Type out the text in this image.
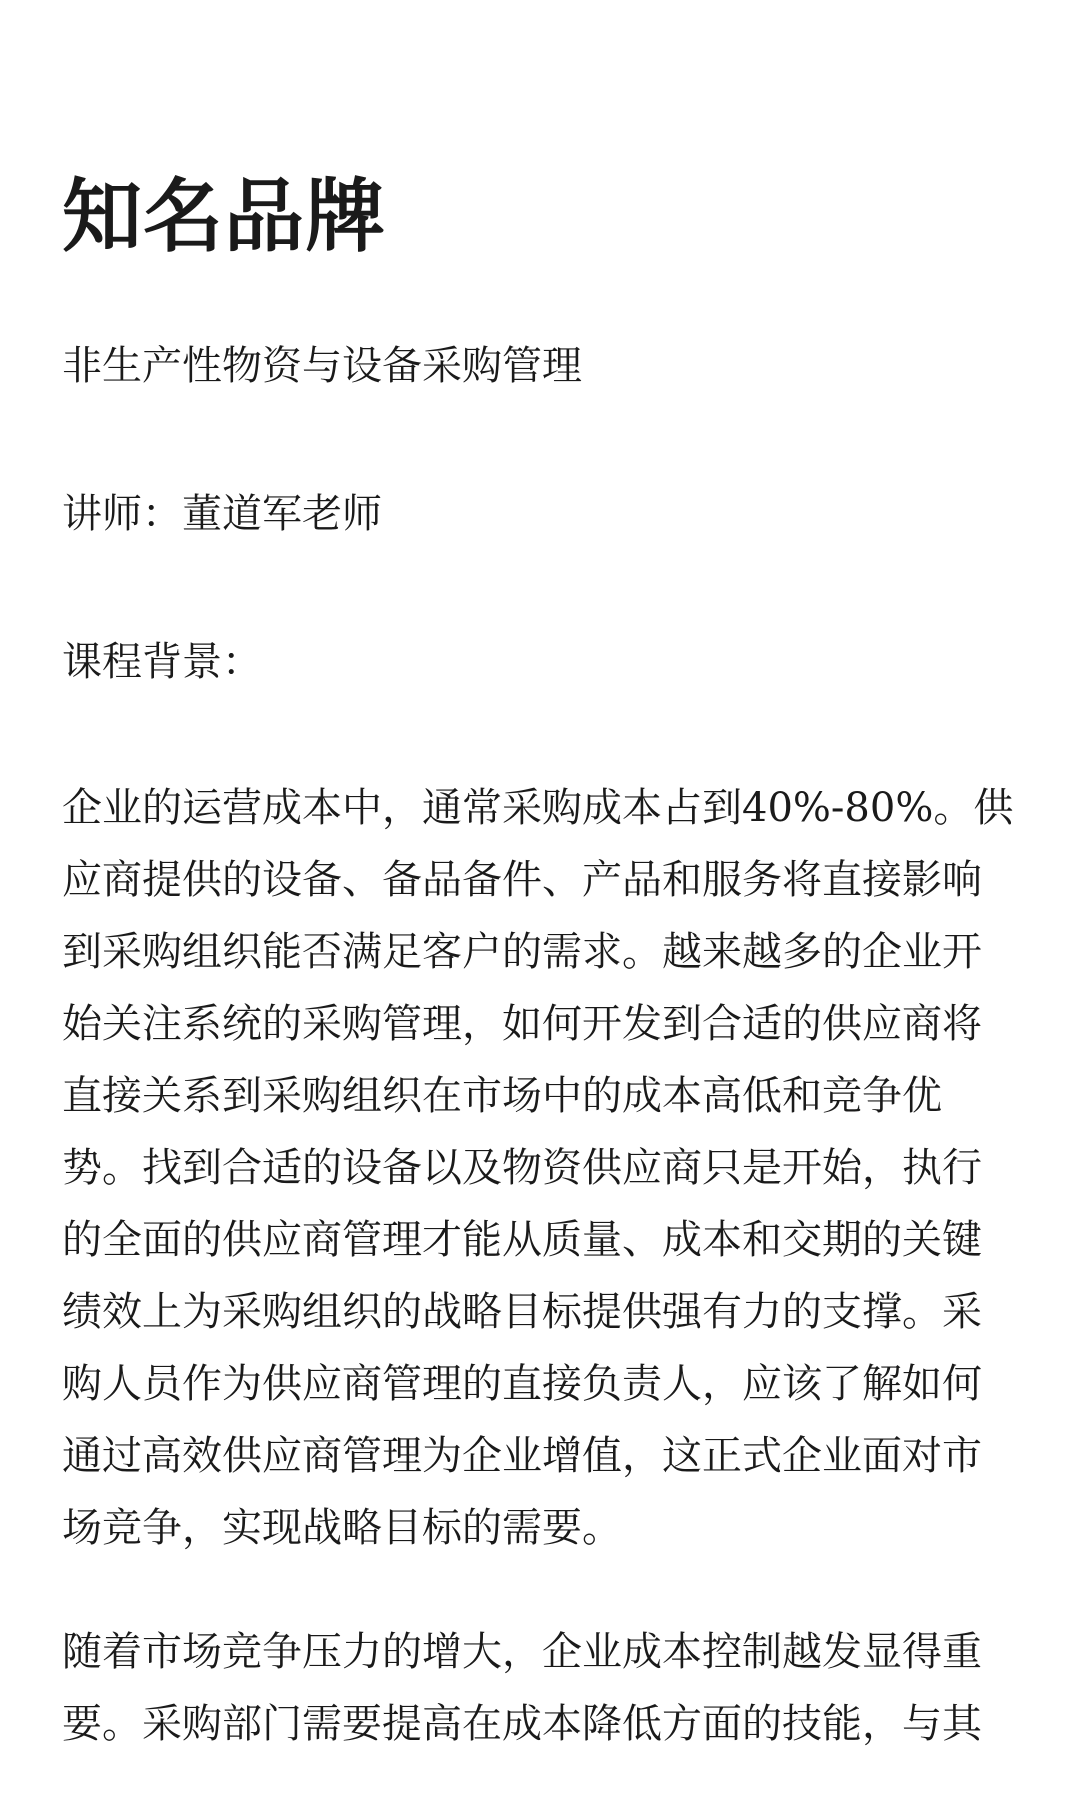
知名品牌

非生产性物资与设备采购管理

讲师：董道军老师

课程背景：

企业的运营成本中，通常采购成本占到40%-80%。供
应商提供的设备、备品备件、产品和服务将直接影响
到采购组织能否满足客户的需求。越来越多的企业开
始关注系统的采购管理，如何开发到合适的供应商将
直接关系到采购组织在市场中的成本高低和竞争优
势。找到合适的设备以及物资供应商只是开始，执行
的全面的供应商管理才能从质量、成本和交期的关键
绩效上为采购组织的战略目标提供强有力的支撑。采
购人员作为供应商管理的直接负责人，应该了解如何
通过高效供应商管理为企业增值，这正式企业面对市
场竞争，实现战略目标的需要。
随着市场竞争压力的增大，企业成本控制越发显得重
要。采购部门需要提高在成本降低方面的技能，与其
